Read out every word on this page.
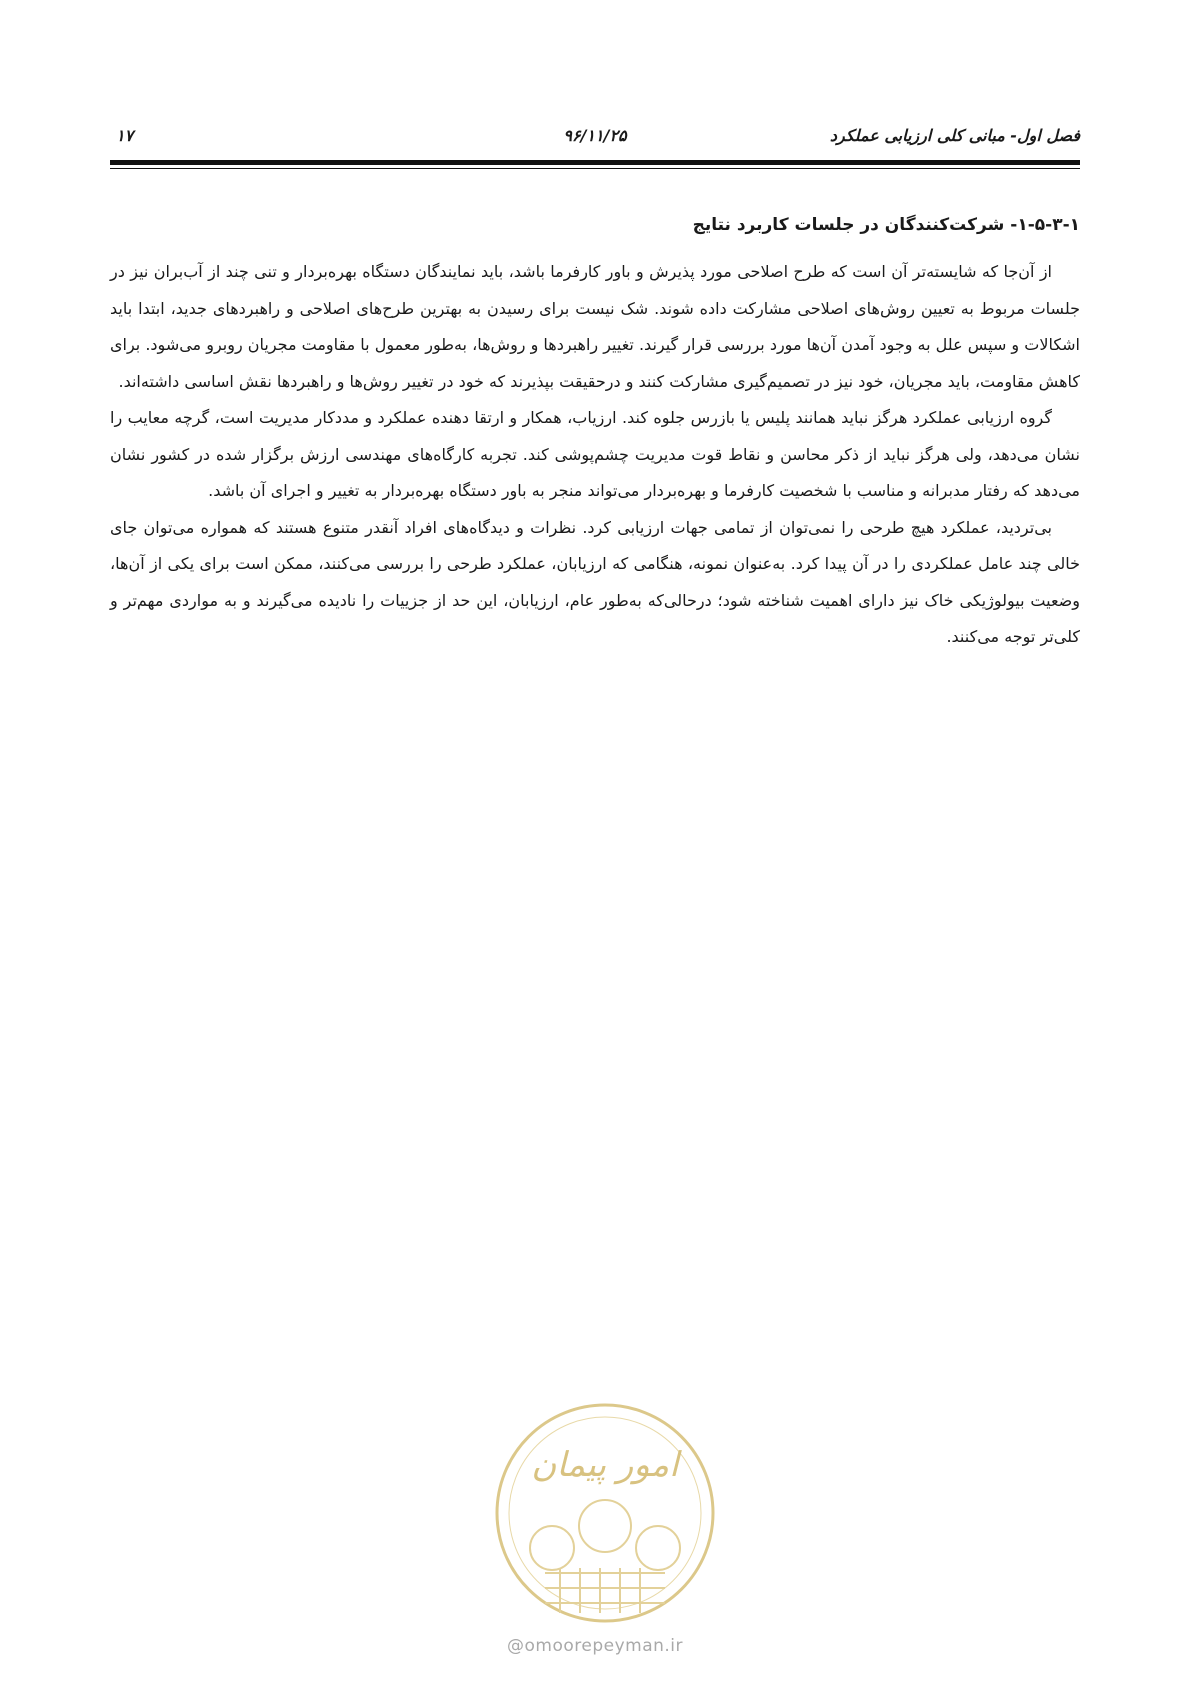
فصل اول- مبانی کلی ارزیابی عملکرد
۹۶/۱۱/۲۵
۱۷
۱-۵-۳-۱- شرکت‌کنندگان در جلسات کاربرد نتایج

از آن‌جا که شایسته‌تر آن است که طرح اصلاحی مورد پذیرش و باور کارفرما باشد، باید نمایندگان دستگاه بهره‌بردار و تنی چند از آب‌بران نیز در جلسات مربوط به تعیین روش‌های اصلاحی مشارکت داده شوند. شک نیست برای رسیدن به بهترین طرح‌های اصلاحی و راهبردهای جدید، ابتدا باید اشکالات و سپس علل به وجود آمدن آن‌ها مورد بررسی قرار گیرند. تغییر راهبردها و روش‌ها، به‌طور معمول با مقاومت مجریان روبرو می‌شود. برای کاهش مقاومت، باید مجریان، خود نیز در تصمیم‌گیری مشارکت کنند و درحقیقت بپذیرند که خود در تغییر روش‌ها و راهبردها نقش اساسی داشته‌اند.

گروه ارزیابی عملکرد هرگز نباید همانند پلیس یا بازرس جلوه کند. ارزیاب، همکار و ارتقا دهنده عملکرد و مددکار مدیریت است، گرچه معایب را نشان می‌دهد، ولی هرگز نباید از ذکر محاسن و نقاط قوت مدیریت چشم‌پوشی کند. تجربه کارگاه‌های مهندسی ارزش برگزار شده در کشور نشان می‌دهد که رفتار مدبرانه و مناسب با شخصیت کارفرما و بهره‌بردار می‌تواند منجر به باور دستگاه بهره‌بردار به تغییر و اجرای آن باشد.

بی‌تردید، عملکرد هیچ طرحی را نمی‌توان از تمامی جهات ارزیابی کرد. نظرات و دیدگاه‌های افراد آنقدر متنوع هستند که همواره می‌توان جای خالی چند عامل عملکردی را در آن پیدا کرد. به‌عنوان نمونه، هنگامی که ارزیابان، عملکرد طرحی را بررسی می‌کنند، ممکن است برای یکی از آن‌ها، وضعیت بیولوژیکی خاک نیز دارای اهمیت شناخته شود؛ درحالی‌که به‌طور عام، ارزیابان، این حد از جزییات را نادیده می‌گیرند و به مواردی مهم‌تر و کلی‌تر توجه می‌کنند.

امور پیمان
@omoorepeyman.ir
